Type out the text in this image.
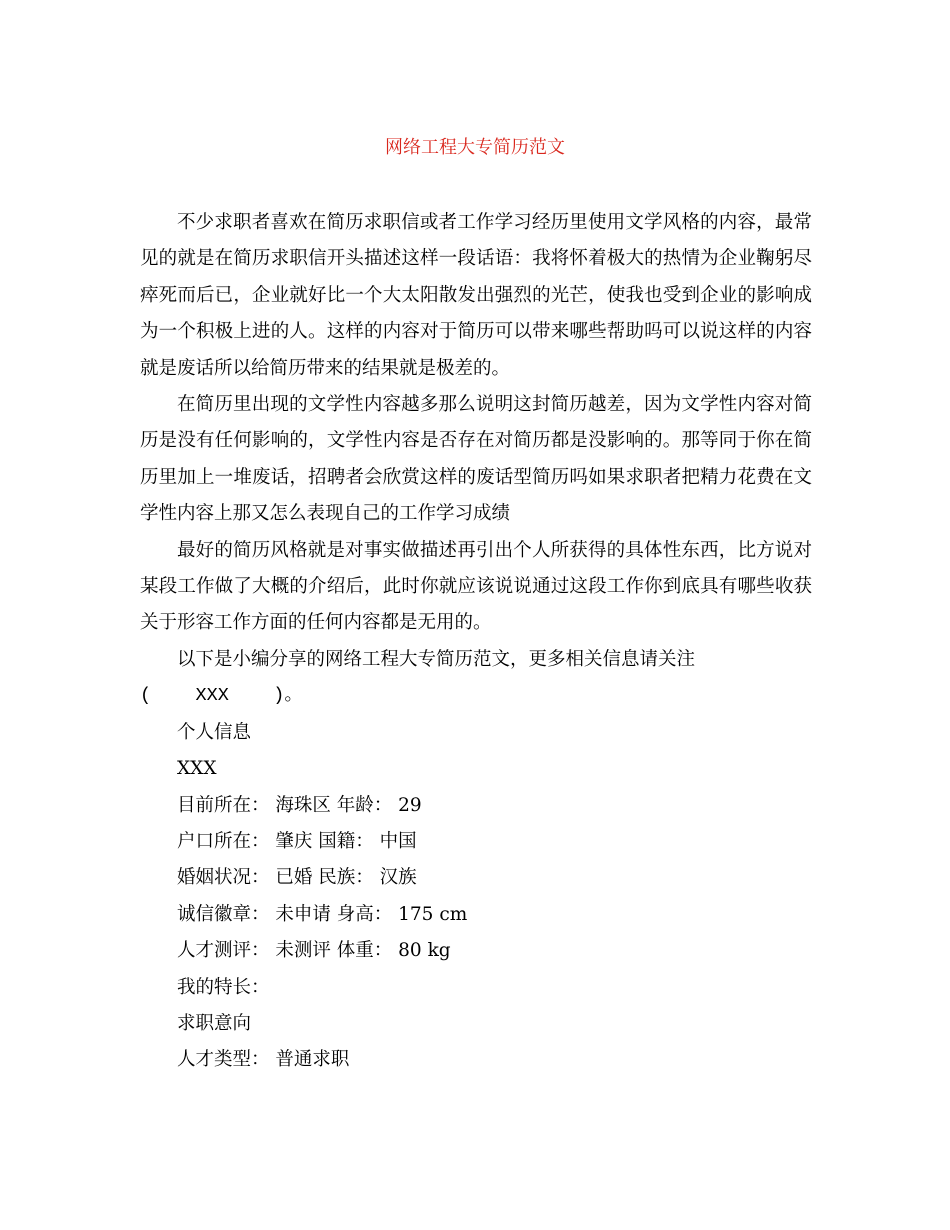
网络工程大专简历范文

不少求职者喜欢在简历求职信或者工作学习经历里使用文学风格的内容，最常见的就是在简历求职信开头描述这样一段话语：我将怀着极大的热情为企业鞠躬尽瘁死而后已，企业就好比一个大太阳散发出强烈的光芒，使我也受到企业的影响成为一个积极上进的人。这样的内容对于简历可以带来哪些帮助吗可以说这样的内容就是废话所以给简历带来的结果就是极差的。

在简历里出现的文学性内容越多那么说明这封简历越差，因为文学性内容对简历是没有任何影响的，文学性内容是否存在对简历都是没影响的。那等同于你在简历里加上一堆废话，招聘者会欣赏这样的废话型简历吗如果求职者把精力花费在文学性内容上那又怎么表现自己的工作学习成绩

最好的简历风格就是对事实做描述再引出个人所获得的具体性东西，比方说对某段工作做了大概的介绍后，此时你就应该说说通过这段工作你到底具有哪些收获关于形容工作方面的任何内容都是无用的。

以下是小编分享的网络工程大专简历范文，更多相关信息请关注

(    XXX    )。

个人信息

XXX

目前所在： 海珠区 年龄： 29

户口所在： 肇庆 国籍： 中国

婚姻状况： 已婚 民族： 汉族

诚信徽章： 未申请 身高： 175 cm

人才测评： 未测评 体重： 80 kg

我的特长：

求职意向

人才类型： 普通求职
